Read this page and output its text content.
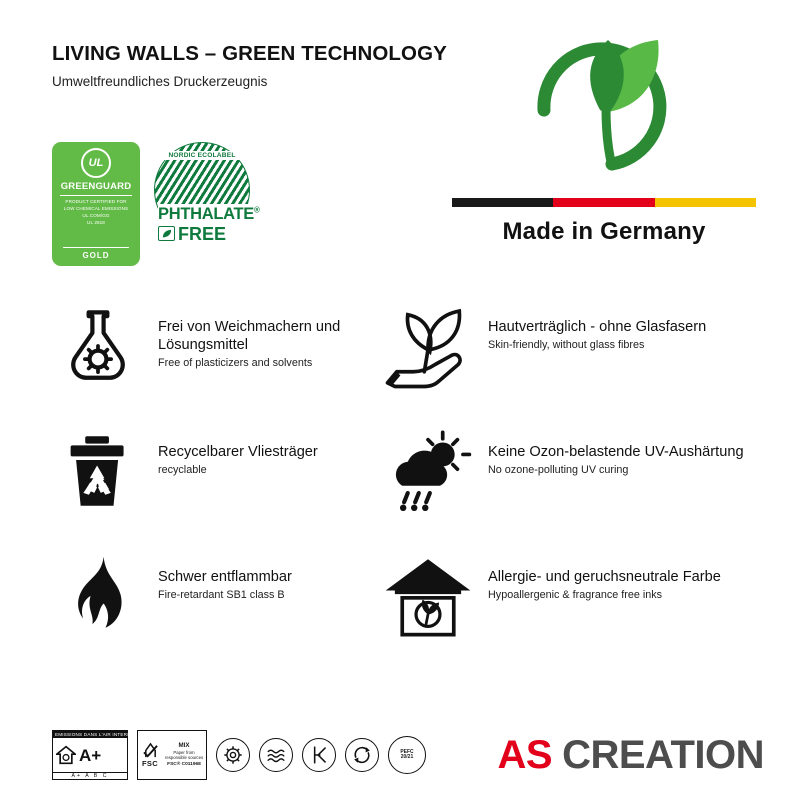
LIVING WALLS – GREEN TECHNOLOGY

Umweltfreundliches Druckerzeugnis

Made in Germany
UL
GREENGUARD
PRODUCT CERTIFIED FOR
LOW CHEMICAL EMISSIONS
UL.COM/GG
UL 2818
GOLD
NORDIC ECOLABEL
PHTHALATE®
FREE

Frei von Weichmachern und Lösungsmittel

Free of plasticizers and solvents

Hautverträglich - ohne Glasfasern

Skin-friendly, without glass fibres

Recycelbarer Vliesträger

recyclable

Keine Ozon-belastende UV-Aushärtung

No ozone-polluting UV curing

Schwer entflammbar

Fire-retardant SB1 class B

Allergie- und geruchsneutrale Farbe

Hypoallergenic & fragrance free inks

EMISSIONS DANS L'AIR INTERIEUR
A+
A+ A B C
FSC
MIX
Paper from
responsible sources
FSC® C011968
PEFC
20/21 AS CREATION
